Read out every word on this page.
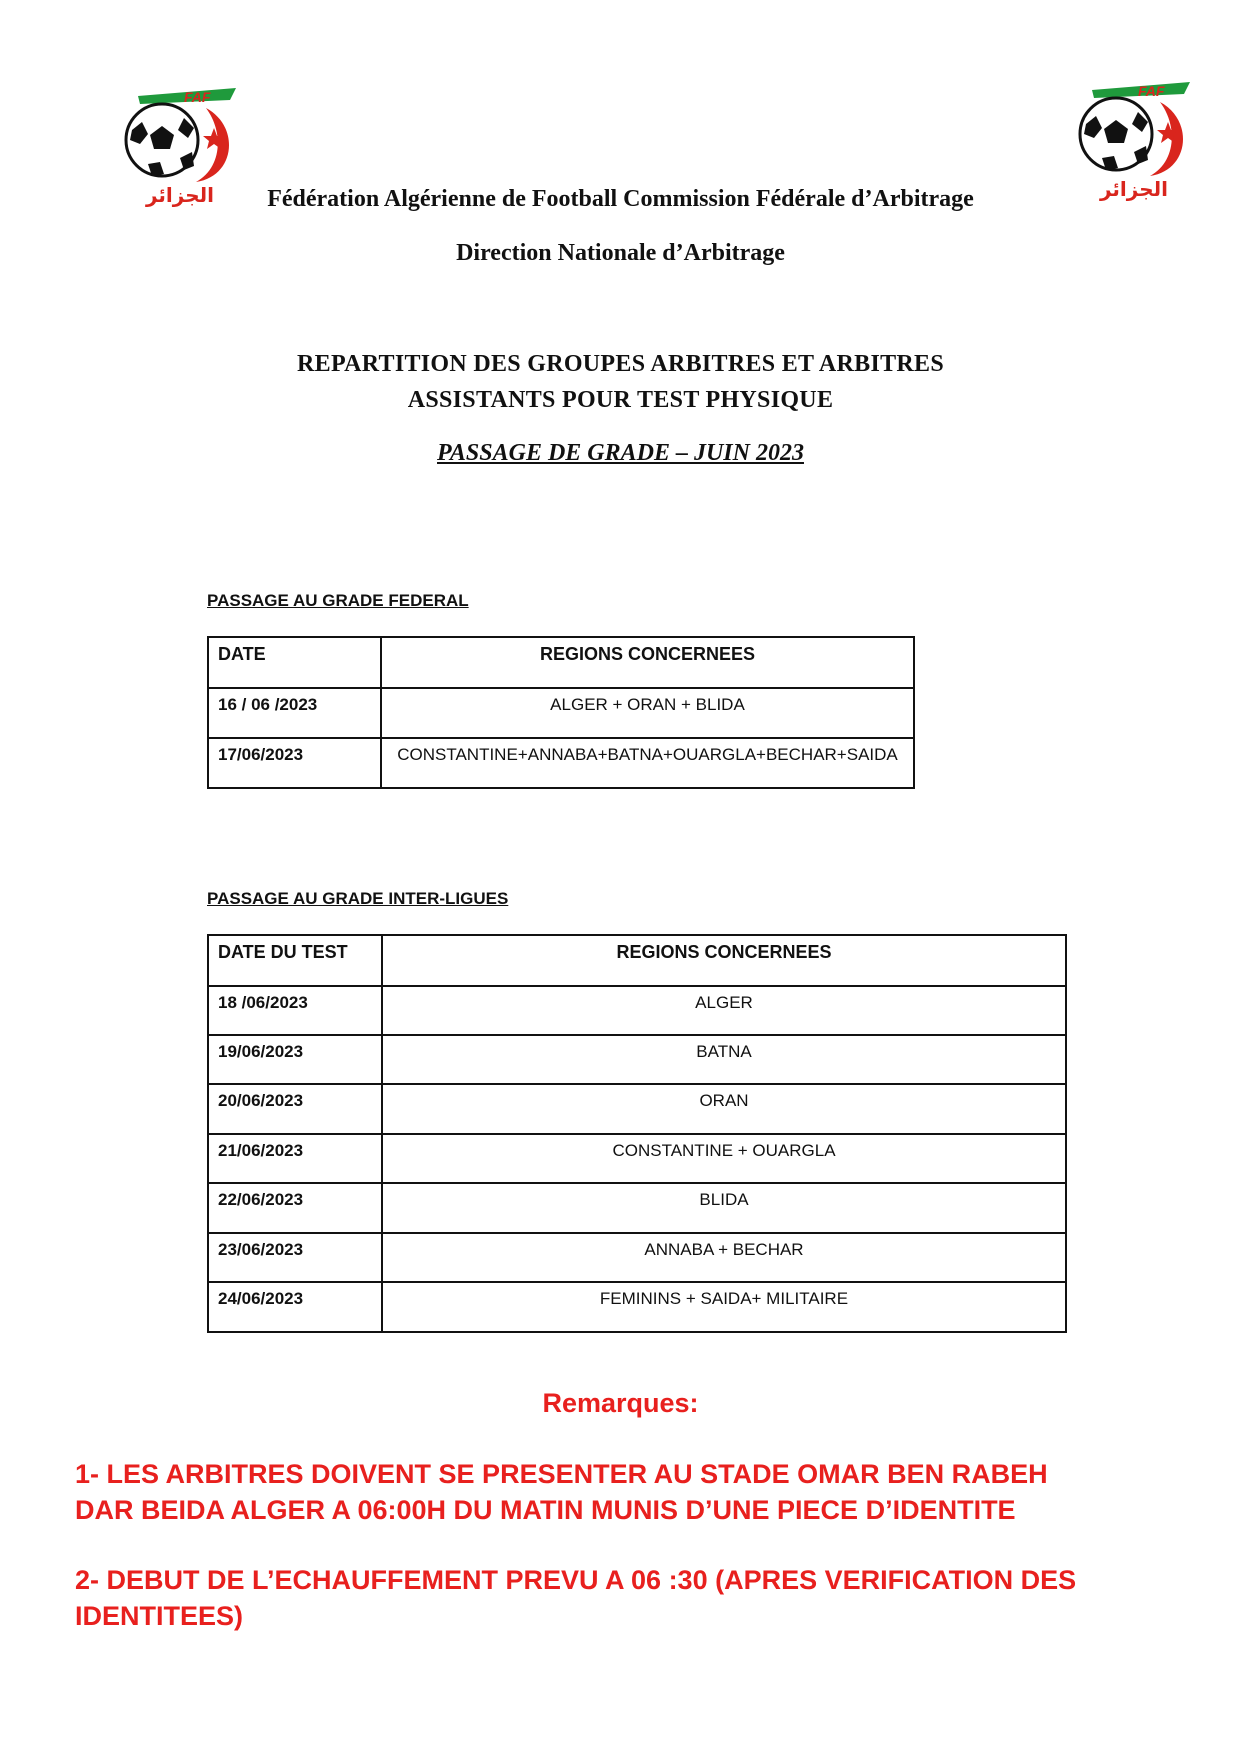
FAF
الجزائر
FAF
الجزائر
Fédération Algérienne de Football Commission Fédérale d’Arbitrage
Direction Nationale d’Arbitrage
REPARTITION DES GROUPES ARBITRES ET ARBITRES
ASSISTANTS POUR TEST PHYSIQUE
PASSAGE DE GRADE – JUIN 2023
PASSAGE AU GRADE FEDERAL
DATE	REGIONS CONCERNEES
16 / 06 /2023	ALGER + ORAN + BLIDA
17/06/2023	CONSTANTINE+ANNABA+BATNA+OUARGLA+BECHAR+SAIDA
PASSAGE AU GRADE INTER-LIGUES
DATE DU TEST	REGIONS CONCERNEES
18 /06/2023	ALGER
19/06/2023	BATNA
20/06/2023	ORAN
21/06/2023	CONSTANTINE + OUARGLA
22/06/2023	BLIDA
23/06/2023	ANNABA + BECHAR
24/06/2023	FEMININS + SAIDA+ MILITAIRE
Remarques:
1- LES ARBITRES DOIVENT SE PRESENTER AU STADE OMAR BEN RABEH
DAR BEIDA ALGER A 06:00H DU MATIN MUNIS D’UNE PIECE D’IDENTITE
2- DEBUT DE L’ECHAUFFEMENT PREVU A 06 :30 (APRES VERIFICATION DES
IDENTITEES)
